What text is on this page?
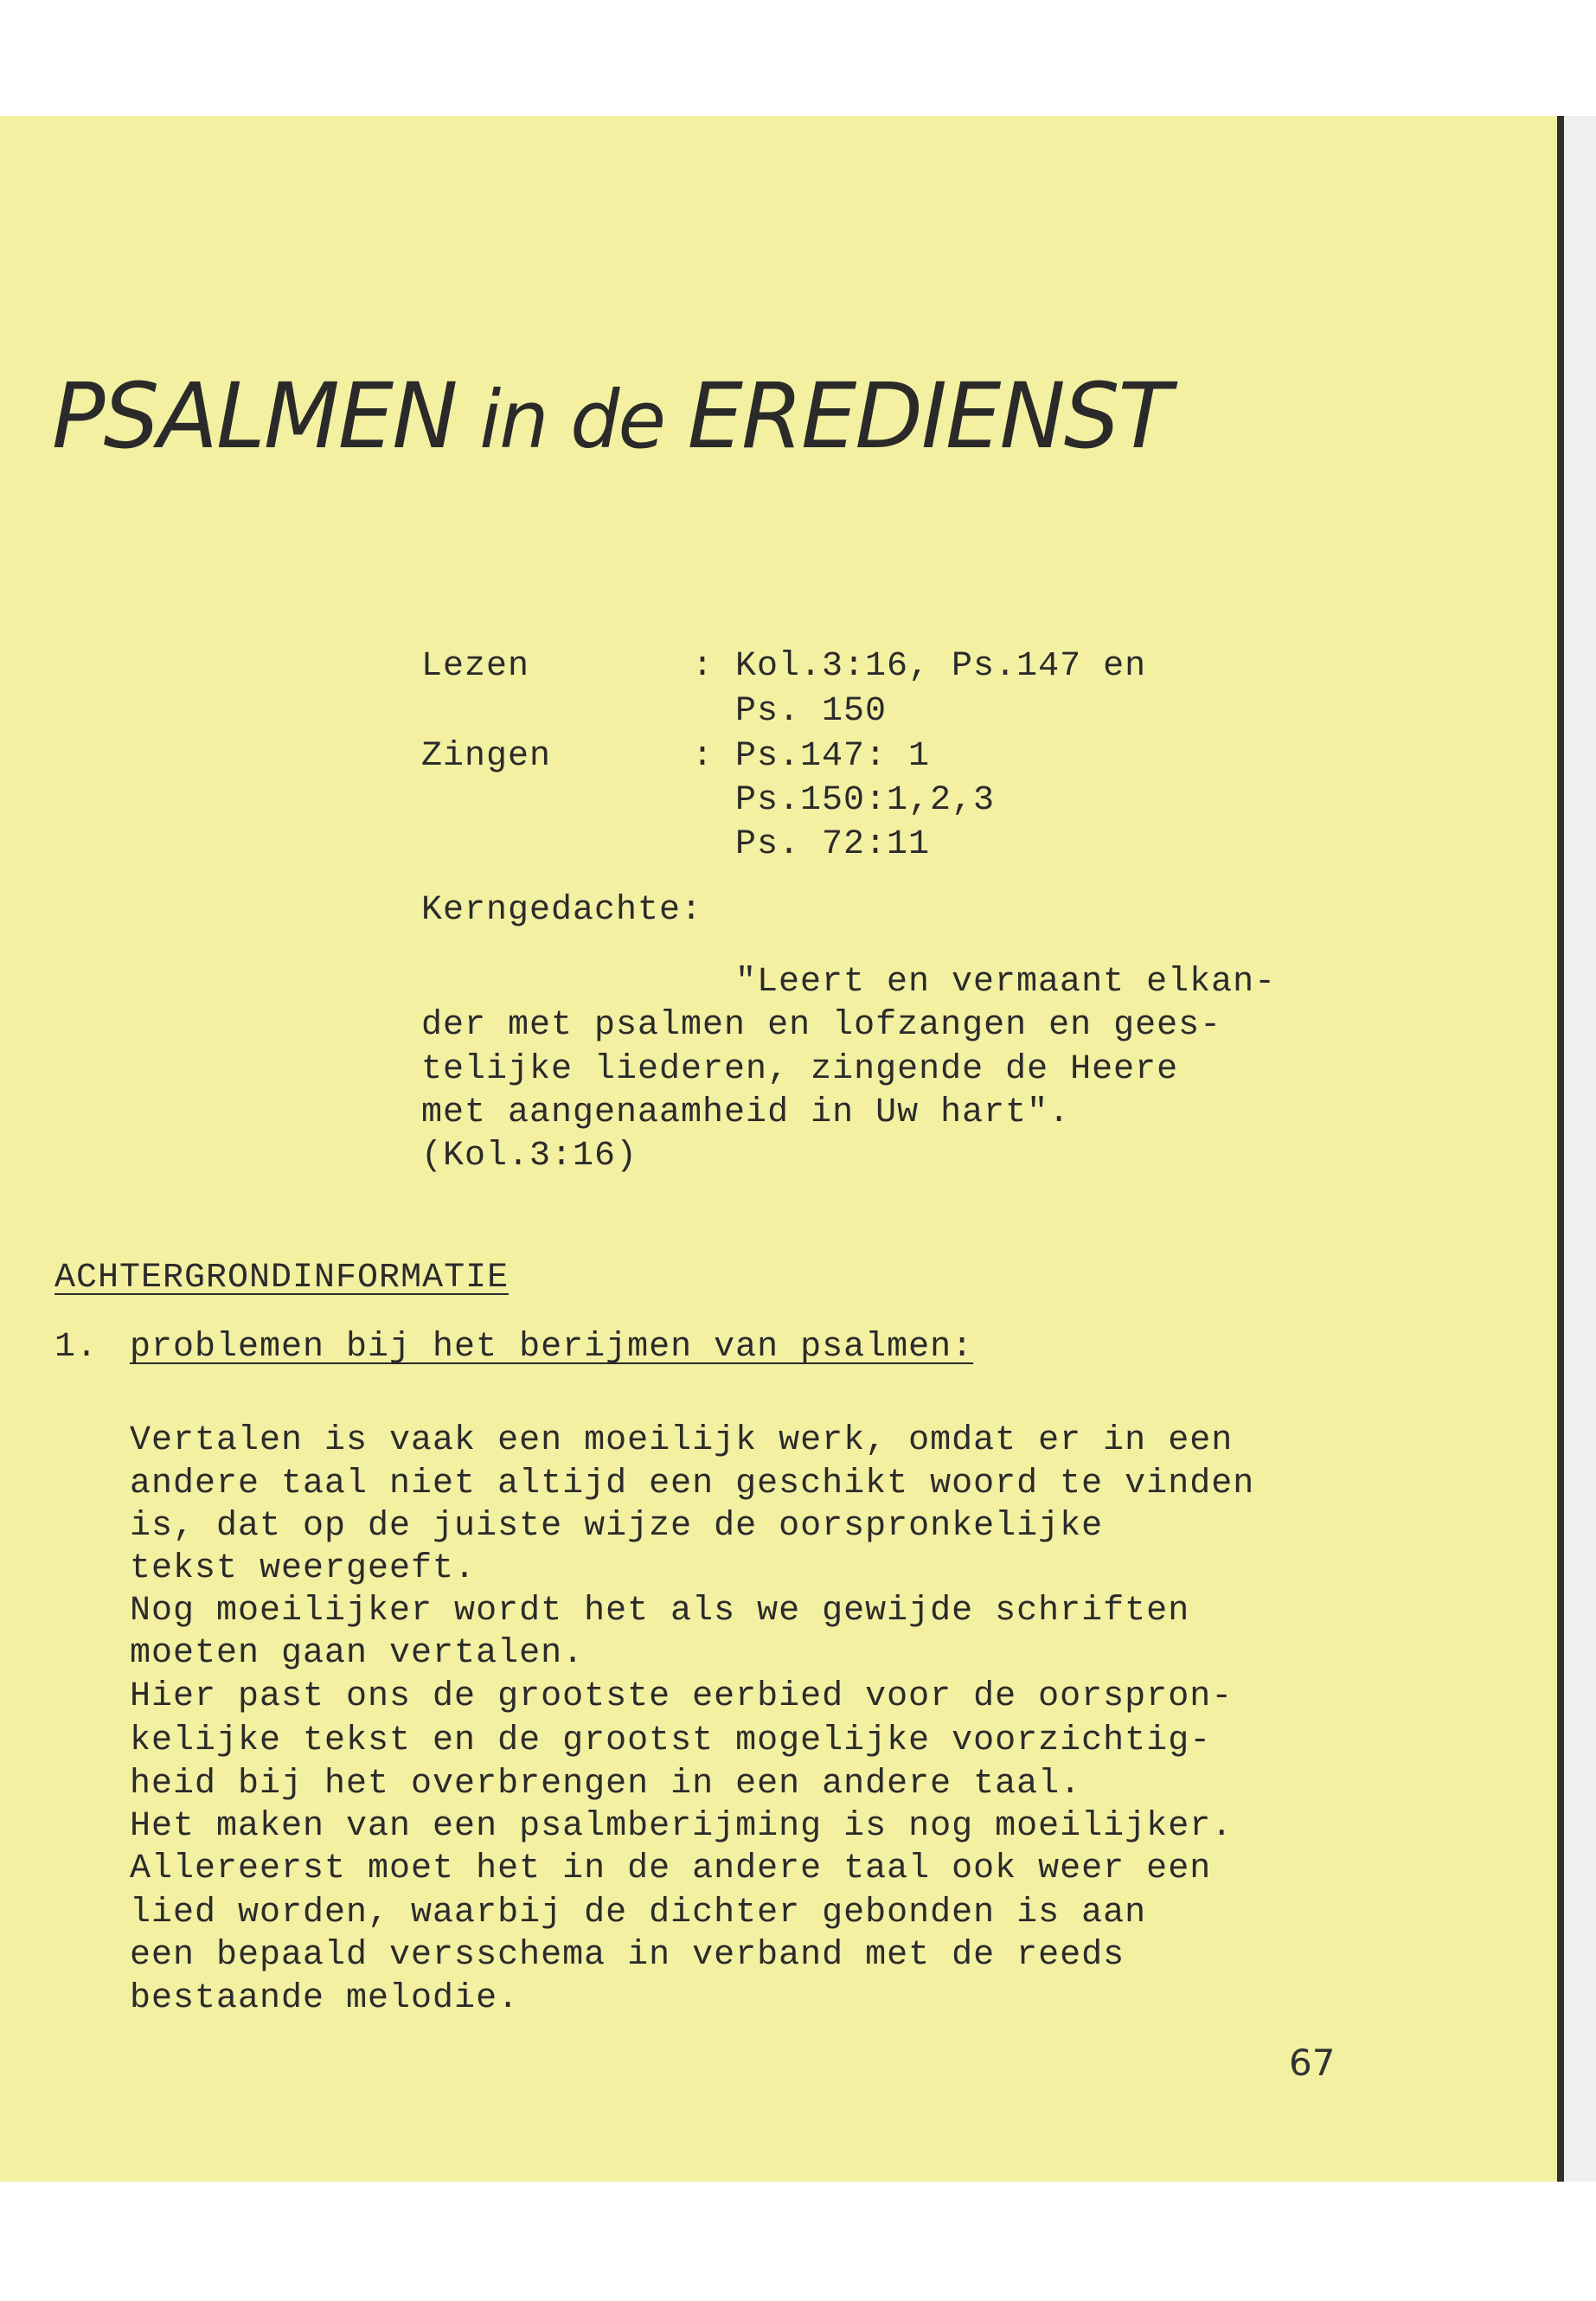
PSALMEN in de EREDIENST
Lezen	: Kol.3:16, Ps.147 en
Ps. 150
Zingen	: Ps.147: 1
Ps.150:1,2,3
Ps. 72:11
Kerngedachte:
"Leert en vermaant elkan-
der met psalmen en lofzangen en gees-
telijke liederen, zingende de Heere
met aangenaamheid in Uw hart".
(Kol.3:16)
ACHTERGRONDINFORMATIE
1. problemen bij het berijmen van psalmen:
Vertalen is vaak een moeilijk werk, omdat er in een
andere taal niet altijd een geschikt woord te vinden
is, dat op de juiste wijze de oorspronkelijke
tekst weergeeft.
Nog moeilijker wordt het als we gewijde schriften
moeten gaan vertalen.
Hier past ons de grootste eerbied voor de oorspron-
kelijke tekst en de grootst mogelijke voorzichtig-
heid bij het overbrengen in een andere taal.
Het maken van een psalmberijming is nog moeilijker.
Allereerst moet het in de andere taal ook weer een
lied worden, waarbij de dichter gebonden is aan
een bepaald versschema in verband met de reeds
bestaande melodie.
67
